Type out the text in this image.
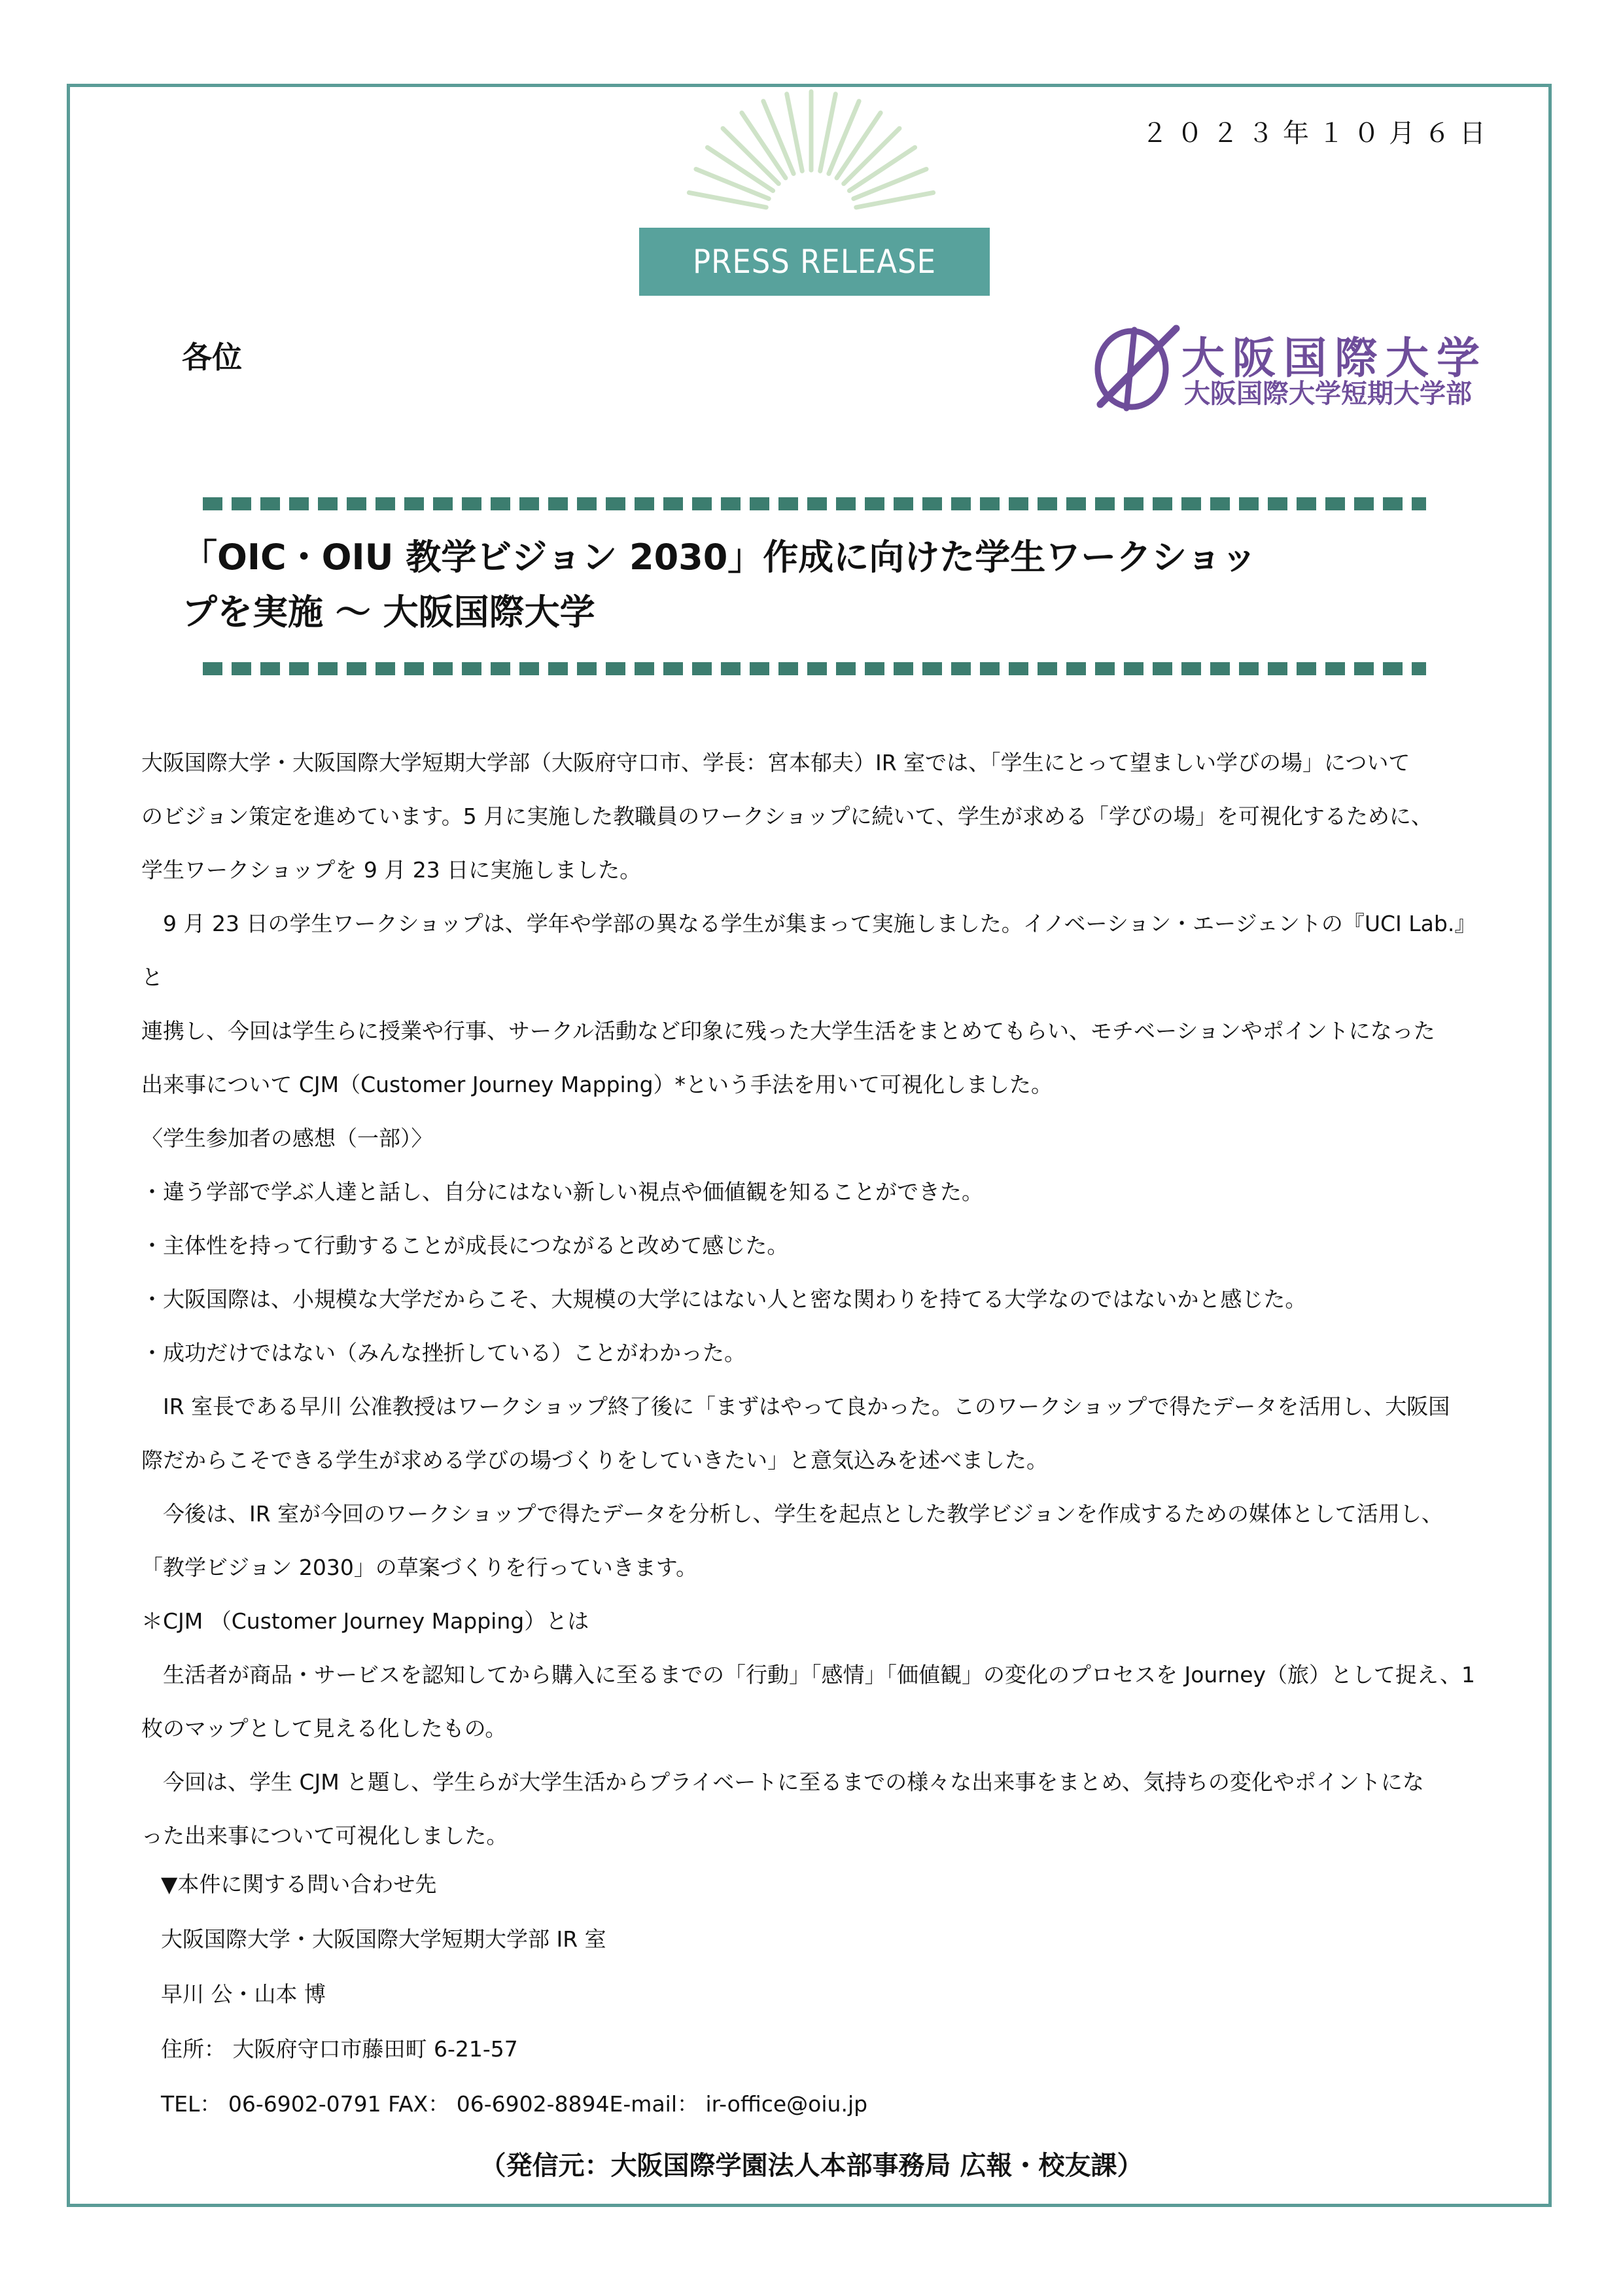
PRESS RELEASE
２０２３年１０月６日
各位	大阪国際大学
大阪国際大学短期大学部
「OIC・OIU 教学ビジョン 2030」作成に向けた学生ワークショッ
プを実施 〜 大阪国際大学

大阪国際大学・大阪国際大学短期大学部（大阪府守口市、学長：宮本郁夫）IR 室では、「学生にとって望ましい学びの場」について

のビジョン策定を進めています。5 月に実施した教職員のワークショップに続いて、学生が求める「学びの場」を可視化するために、

学生ワークショップを 9 月 23 日に実施しました。

　9 月 23 日の学生ワークショップは、学年や学部の異なる学生が集まって実施しました。イノベーション・エージェントの『UCI Lab.』と

連携し、今回は学生らに授業や行事、サークル活動など印象に残った大学生活をまとめてもらい、モチベーションやポイントになった

出来事について CJM（Customer Journey Mapping）*という手法を用いて可視化しました。

〈学生参加者の感想（一部）〉

・違う学部で学ぶ人達と話し、自分にはない新しい視点や価値観を知ることができた。

・主体性を持って行動することが成長につながると改めて感じた。

・大阪国際は、小規模な大学だからこそ、大規模の大学にはない人と密な関わりを持てる大学なのではないかと感じた。

・成功だけではない（みんな挫折している）ことがわかった。

　IR 室長である早川 公准教授はワークショップ終了後に「まずはやって良かった。このワークショップで得たデータを活用し、大阪国

際だからこそできる学生が求める学びの場づくりをしていきたい」と意気込みを述べました。

　今後は、IR 室が今回のワークショップで得たデータを分析し、学生を起点とした教学ビジョンを作成するための媒体として活用し、

「教学ビジョン 2030」の草案づくりを行っていきます。

＊CJM （Customer Journey Mapping）とは

　生活者が商品・サービスを認知してから購入に至るまでの「行動」「感情」「価値観」の変化のプロセスを Journey（旅）として捉え、1

枚のマップとして見える化したもの。

　今回は、学生 CJM と題し、学生らが大学生活からプライベートに至るまでの様々な出来事をまとめ、気持ちの変化やポイントにな

った出来事について可視化しました。

▼本件に関する問い合わせ先
大阪国際大学・大阪国際大学短期大学部 IR 室
早川 公・山本 博
住所： 大阪府守口市藤田町 6-21-57
TEL： 06-6902-0791 FAX： 06-6902-8894E-mail： ir-office@oiu.jp
（発信元：大阪国際学園法人本部事務局 広報・校友課）
